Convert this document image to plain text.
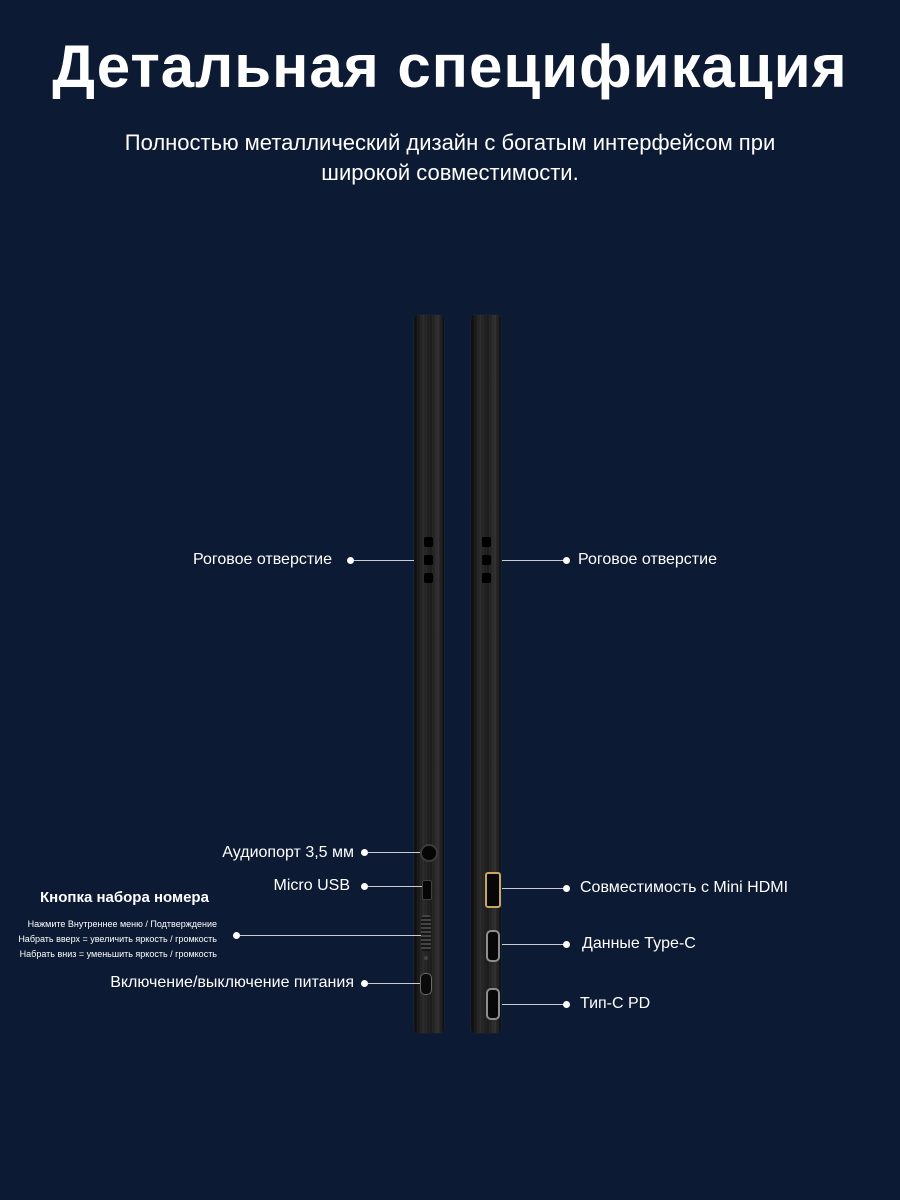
Детальная спецификация
Полностью металлический дизайн с богатым интерфейсом при широкой совместимости.
Роговое отверстие
Аудиопорт 3,5 мм
Micro USB
Кнопка набора номера
Нажмите Внутреннее меню / Подтверждение
Набрать вверх = увеличить яркость / громкость
Набрать вниз = уменьшить яркость / громкость
Включение/выключение питания
Роговое отверстие
Совместимость с Mini HDMI
Данные Type-C
Тип-C PD
